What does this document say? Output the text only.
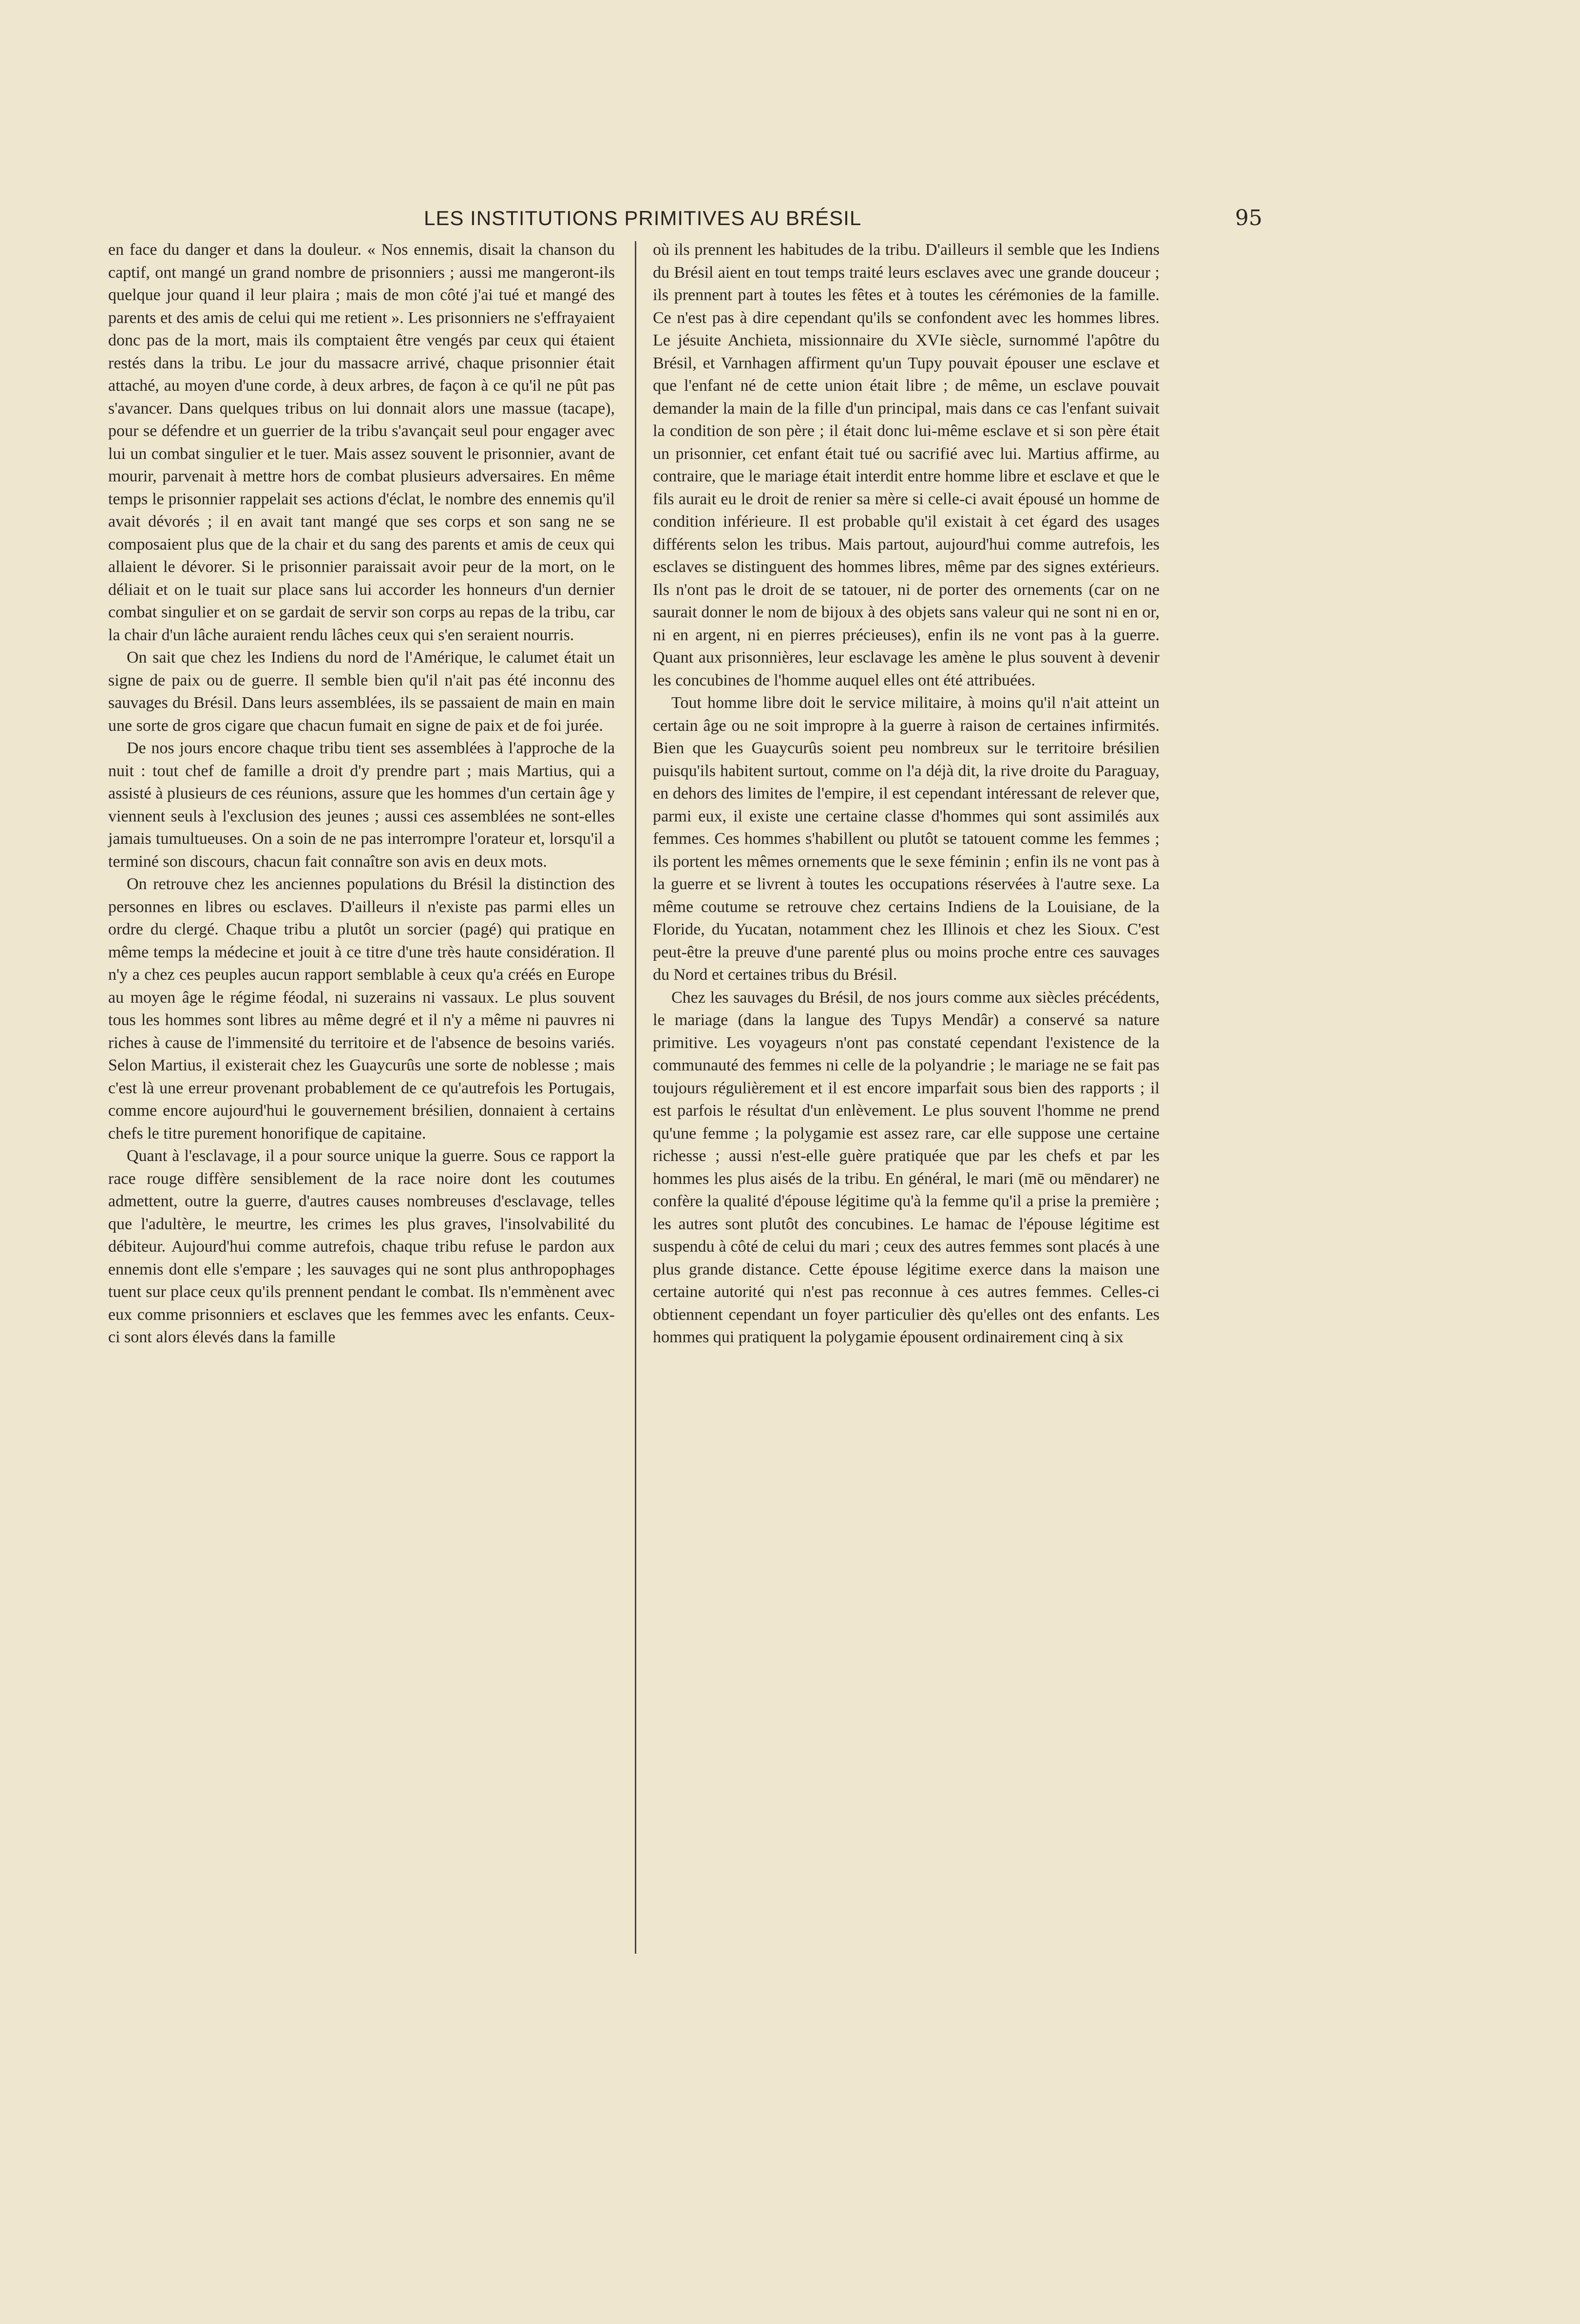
LES INSTITUTIONS PRIMITIVES AU BRÉSIL	95

en face du danger et dans la douleur. « Nos ennemis, disait la chanson du captif, ont mangé un grand nombre de prisonniers ; aussi me mangeront-ils quelque jour quand il leur plaira ; mais de mon côté j'ai tué et mangé des parents et des amis de celui qui me retient ». Les prisonniers ne s'effrayaient donc pas de la mort, mais ils comptaient être vengés par ceux qui étaient restés dans la tribu. Le jour du massacre arrivé, chaque prisonnier était attaché, au moyen d'une corde, à deux arbres, de façon à ce qu'il ne pût pas s'avancer. Dans quelques tribus on lui donnait alors une massue (tacape), pour se défendre et un guerrier de la tribu s'avançait seul pour engager avec lui un combat singulier et le tuer. Mais assez souvent le prisonnier, avant de mourir, parvenait à mettre hors de combat plusieurs adversaires. En même temps le prisonnier rappelait ses actions d'éclat, le nombre des ennemis qu'il avait dévorés ; il en avait tant mangé que ses corps et son sang ne se composaient plus que de la chair et du sang des parents et amis de ceux qui allaient le dévorer. Si le prisonnier paraissait avoir peur de la mort, on le déliait et on le tuait sur place sans lui accorder les honneurs d'un dernier combat singulier et on se gardait de servir son corps au repas de la tribu, car la chair d'un lâche auraient rendu lâches ceux qui s'en seraient nourris.

On sait que chez les Indiens du nord de l'Amérique, le calumet était un signe de paix ou de guerre. Il semble bien qu'il n'ait pas été inconnu des sauvages du Brésil. Dans leurs assemblées, ils se passaient de main en main une sorte de gros cigare que chacun fumait en signe de paix et de foi jurée.

De nos jours encore chaque tribu tient ses assemblées à l'approche de la nuit : tout chef de famille a droit d'y prendre part ; mais Martius, qui a assisté à plusieurs de ces réunions, assure que les hommes d'un certain âge y viennent seuls à l'exclusion des jeunes ; aussi ces assemblées ne sont-elles jamais tumultueuses. On a soin de ne pas interrompre l'orateur et, lorsqu'il a terminé son discours, chacun fait connaître son avis en deux mots.

On retrouve chez les anciennes populations du Brésil la distinction des personnes en libres ou esclaves. D'ailleurs il n'existe pas parmi elles un ordre du clergé. Chaque tribu a plutôt un sorcier (pagé) qui pratique en même temps la médecine et jouit à ce titre d'une très haute considération. Il n'y a chez ces peuples aucun rapport semblable à ceux qu'a créés en Europe au moyen âge le régime féodal, ni suzerains ni vassaux. Le plus souvent tous les hommes sont libres au même degré et il n'y a même ni pauvres ni riches à cause de l'immensité du territoire et de l'absence de besoins variés. Selon Martius, il existerait chez les Guaycurûs une sorte de noblesse ; mais c'est là une erreur provenant probablement de ce qu'autrefois les Portugais, comme encore aujourd'hui le gouvernement brésilien, donnaient à certains chefs le titre purement honorifique de capitaine.

Quant à l'esclavage, il a pour source unique la guerre. Sous ce rapport la race rouge diffère sensiblement de la race noire dont les coutumes admettent, outre la guerre, d'autres causes nombreuses d'esclavage, telles que l'adultère, le meurtre, les crimes les plus graves, l'insolvabilité du débiteur. Aujourd'hui comme autrefois, chaque tribu refuse le pardon aux ennemis dont elle s'empare ; les sauvages qui ne sont plus anthropophages tuent sur place ceux qu'ils prennent pendant le combat. Ils n'emmènent avec eux comme prisonniers et esclaves que les femmes avec les enfants. Ceux-ci sont alors élevés dans la famille

où ils prennent les habitudes de la tribu. D'ailleurs il semble que les Indiens du Brésil aient en tout temps traité leurs esclaves avec une grande douceur ; ils prennent part à toutes les fêtes et à toutes les cérémonies de la famille. Ce n'est pas à dire cependant qu'ils se confondent avec les hommes libres. Le jésuite Anchieta, missionnaire du XVIe siècle, surnommé l'apôtre du Brésil, et Varnhagen affirment qu'un Tupy pouvait épouser une esclave et que l'enfant né de cette union était libre ; de même, un esclave pouvait demander la main de la fille d'un principal, mais dans ce cas l'enfant suivait la condition de son père ; il était donc lui-même esclave et si son père était un prisonnier, cet enfant était tué ou sacrifié avec lui. Martius affirme, au contraire, que le mariage était interdit entre homme libre et esclave et que le fils aurait eu le droit de renier sa mère si celle-ci avait épousé un homme de condition inférieure. Il est probable qu'il existait à cet égard des usages différents selon les tribus. Mais partout, aujourd'hui comme autrefois, les esclaves se distinguent des hommes libres, même par des signes extérieurs. Ils n'ont pas le droit de se tatouer, ni de porter des ornements (car on ne saurait donner le nom de bijoux à des objets sans valeur qui ne sont ni en or, ni en argent, ni en pierres précieuses), enfin ils ne vont pas à la guerre. Quant aux prisonnières, leur esclavage les amène le plus souvent à devenir les concubines de l'homme auquel elles ont été attribuées.

Tout homme libre doit le service militaire, à moins qu'il n'ait atteint un certain âge ou ne soit impropre à la guerre à raison de certaines infirmités. Bien que les Guaycurûs soient peu nombreux sur le territoire brésilien puisqu'ils habitent surtout, comme on l'a déjà dit, la rive droite du Paraguay, en dehors des limites de l'empire, il est cependant intéressant de relever que, parmi eux, il existe une certaine classe d'hommes qui sont assimilés aux femmes. Ces hommes s'habillent ou plutôt se tatouent comme les femmes ; ils portent les mêmes ornements que le sexe féminin ; enfin ils ne vont pas à la guerre et se livrent à toutes les occupations réservées à l'autre sexe. La même coutume se retrouve chez certains Indiens de la Louisiane, de la Floride, du Yucatan, notamment chez les Illinois et chez les Sioux. C'est peut-être la preuve d'une parenté plus ou moins proche entre ces sauvages du Nord et certaines tribus du Brésil.

Chez les sauvages du Brésil, de nos jours comme aux siècles précédents, le mariage (dans la langue des Tupys Mendâr) a conservé sa nature primitive. Les voyageurs n'ont pas constaté cependant l'existence de la communauté des femmes ni celle de la polyandrie ; le mariage ne se fait pas toujours régulièrement et il est encore imparfait sous bien des rapports ; il est parfois le résultat d'un enlèvement. Le plus souvent l'homme ne prend qu'une femme ; la polygamie est assez rare, car elle suppose une certaine richesse ; aussi n'est-elle guère pratiquée que par les chefs et par les hommes les plus aisés de la tribu. En général, le mari (mē ou mēndarer) ne confère la qualité d'épouse légitime qu'à la femme qu'il a prise la première ; les autres sont plutôt des concubines. Le hamac de l'épouse légitime est suspendu à côté de celui du mari ; ceux des autres femmes sont placés à une plus grande distance. Cette épouse légitime exerce dans la maison une certaine autorité qui n'est pas reconnue à ces autres femmes. Celles-ci obtiennent cependant un foyer particulier dès qu'elles ont des enfants. Les hommes qui pratiquent la polygamie épousent ordinairement cinq à six
